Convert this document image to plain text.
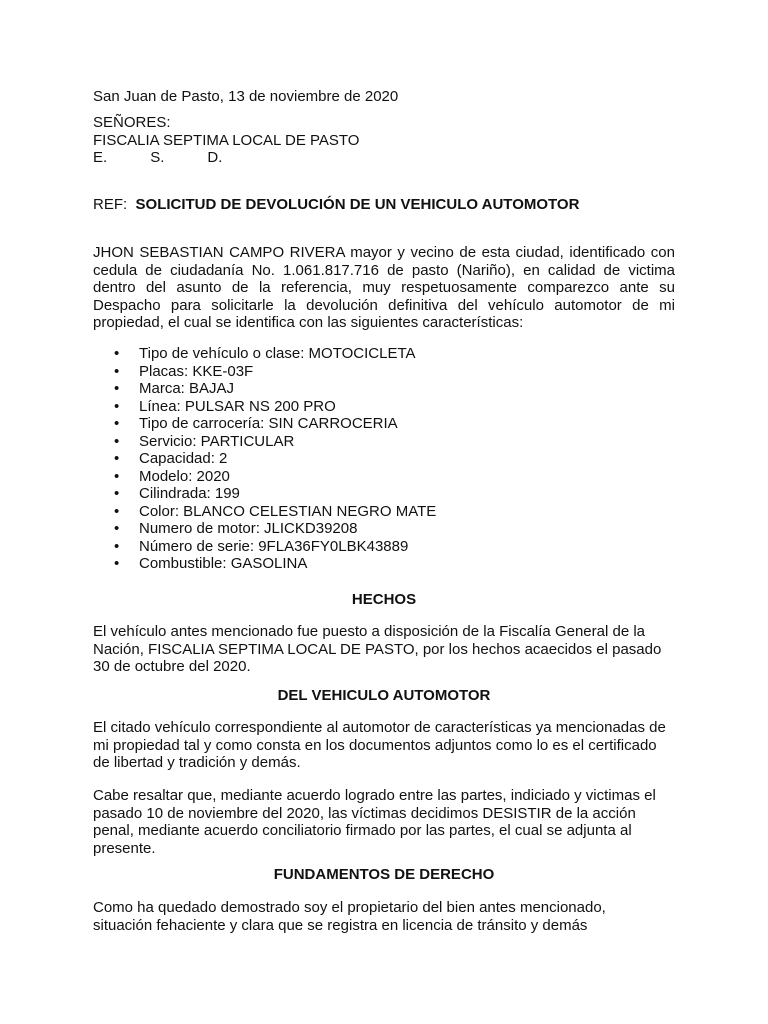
San Juan de Pasto, 13 de noviembre de 2020

SEÑORES:

FISCALIA SEPTIMA LOCAL DE PASTO

E.	S.	D.

REF: SOLICITUD DE DEVOLUCIÓN DE UN VEHICULO AUTOMOTOR

JHON SEBASTIAN CAMPO RIVERA mayor y vecino de esta ciudad, identificado con cedula de ciudadanía No. 1.061.817.716 de pasto (Nariño), en calidad de victima dentro del asunto de la referencia, muy respetuosamente comparezco ante su Despacho para solicitarle la devolución definitiva del vehículo automotor de mi propiedad, el cual se identifica con las siguientes características:

• Tipo de vehículo o clase: MOTOCICLETA
• Placas: KKE-03F
• Marca: BAJAJ
• Línea: PULSAR NS 200 PRO
• Tipo de carrocería: SIN CARROCERIA
• Servicio: PARTICULAR
• Capacidad: 2
• Modelo: 2020
• Cilindrada: 199
• Color: BLANCO CELESTIAN NEGRO MATE
• Numero de motor: JLICKD39208
• Número de serie: 9FLA36FY0LBK43889
• Combustible: GASOLINA

HECHOS

El vehículo antes mencionado fue puesto a disposición de la Fiscalía General de la Nación, FISCALIA SEPTIMA LOCAL DE PASTO, por los hechos acaecidos el pasado 30 de octubre del 2020.

DEL VEHICULO AUTOMOTOR

El citado vehículo correspondiente al automotor de características ya mencionadas de mi propiedad tal y como consta en los documentos adjuntos como lo es el certificado de libertad y tradición y demás.

Cabe resaltar que, mediante acuerdo logrado entre las partes, indiciado y victimas el pasado 10 de noviembre del 2020, las víctimas decidimos DESISTIR de la acción penal, mediante acuerdo conciliatorio firmado por las partes, el cual se adjunta al presente.

FUNDAMENTOS DE DERECHO

Como ha quedado demostrado soy el propietario del bien antes mencionado,

situación fehaciente y clara que se registra en licencia de tránsito y demás
